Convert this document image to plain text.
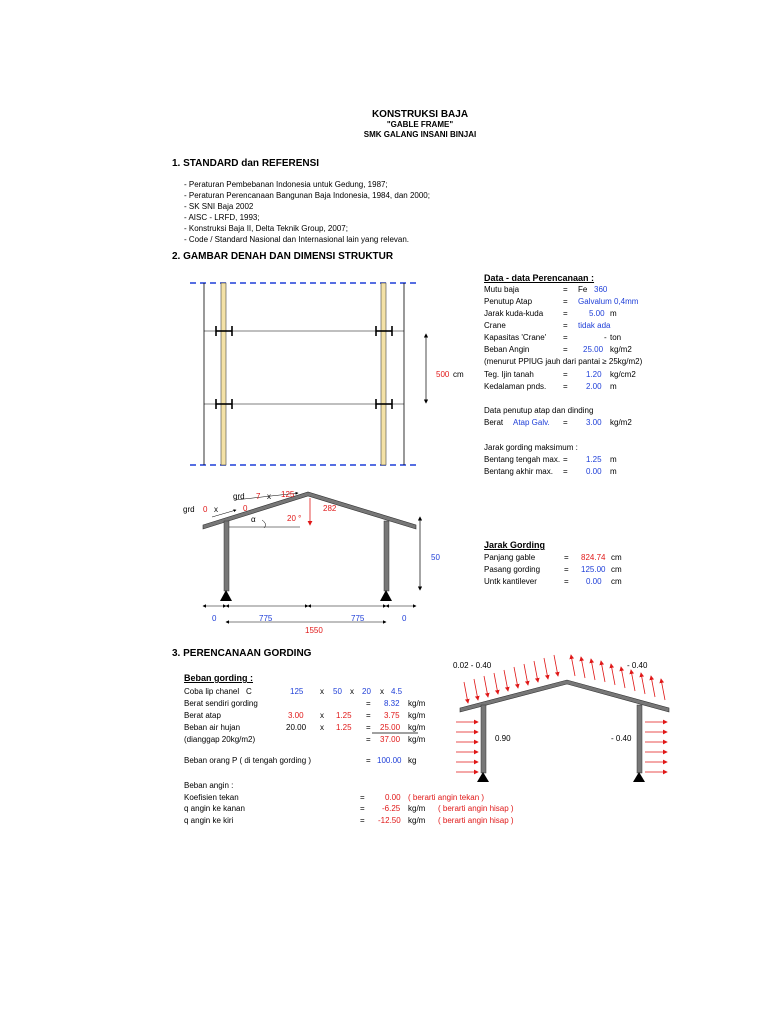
KONSTRUKSI BAJA
"GABLE FRAME"
SMK GALANG INSANI BINJAI
1. STANDARD dan REFERENSI
- Peraturan Pembebanan Indonesia untuk Gedung, 1987;
- Peraturan Perencanaan Bangunan Baja Indonesia, 1984, dan 2000;
- SK SNI Baja 2002
- AISC - LRFD, 1993;
- Konstruksi Baja II, Delta Teknik Group, 2007;
- Code / Standard Nasional dan Internasional lain yang relevan.
2. GAMBAR DENAH DAN DIMENSI STRUKTUR
500 cm
grd 0 x
grd 7 x 125
0
α	20 °
282
50
0	775	775	0
1550
Data - data Perencanaan :
Mutu baja	= Fe 360
Penutup Atap	= Galvalum 0,4mm
Jarak kuda-kuda =	5.00 m
Crane	= tidak ada
Kapasitas 'Crane' =	- ton
Beban Angin	= 25.00 kg/m2
(menurut PPIUG jauh dari pantai ≥ 25kg/m2)
Teg. Ijin tanah	= 1.20 kg/cm2
Kedalaman pnds. = 2.00 m
Data penutup atap dan dinding
Berat Atap Galv. = 3.00 kg/m2
Jarak gording maksimum :
Bentang tengah max. = 1.25 m
Bentang akhir max. = 0.00 m
Jarak Gording
Panjang gable	= 824.74 cm
Pasang gording	= 125.00 cm
Untk kantilever	= 0.00 cm
3. PERENCANAAN GORDING
Beban gording :
Coba lip chanel C	125 x 50 x 20 x 4.5
Berat sendiri gording	= 8.32 kg/m
Berat atap	3.00 x 1.25 = 3.75 kg/m
Beban air hujan	20.00 x 1.25 = 25.00 kg/m
(dianggap 20kg/m2)	= 37.00 kg/m
Beban orang P ( di tengah gording )	= 100.00 kg
Beban angin :
Koefisien tekan	=	0.00 ( berarti angin tekan )
q angin ke kanan	= -6.25 kg/m ( berarti angin hisap )
q angin ke kiri	= -12.50 kg/m ( berarti angin hisap )
0.02 - 0.40	- 0.40
0.90	- 0.40
